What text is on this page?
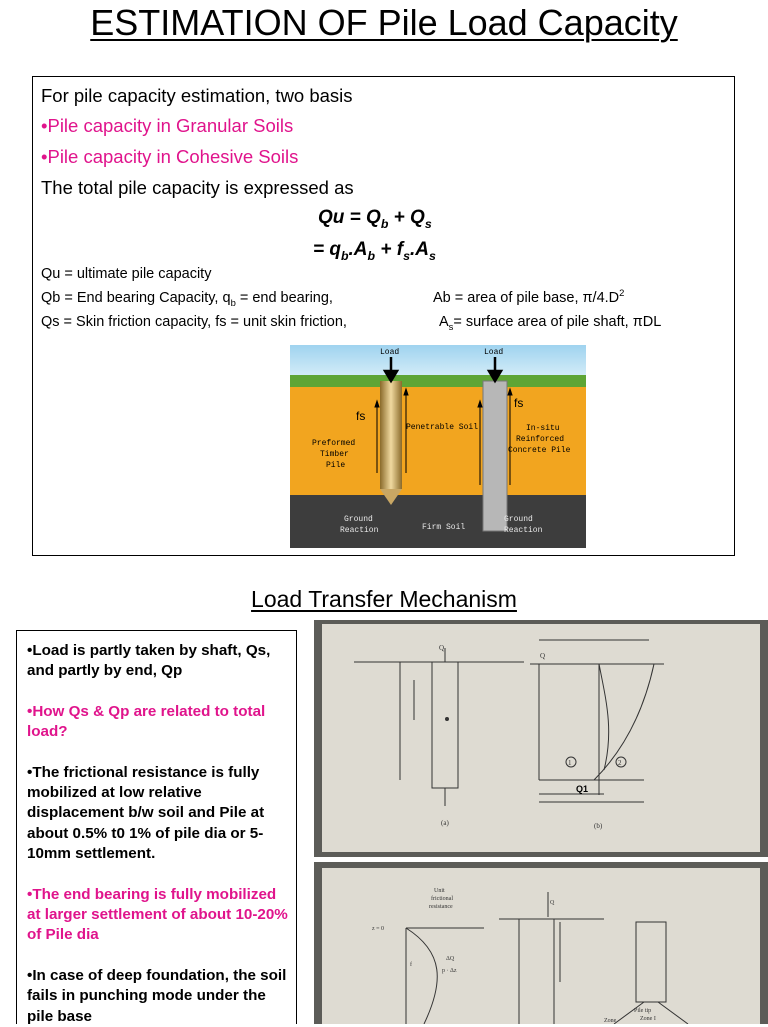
ESTIMATION OF Pile Load Capacity
For pile capacity estimation, two basis
•Pile capacity in Granular Soils
•Pile capacity in Cohesive Soils
The total pile capacity is expressed as
$Qu = Q_b + Q_s$
= $q_b.A_b + f_s.A_s$
Qu = ultimate pile capacity
Qb = End bearing Capacity, $q_b$ = end bearing,	Ab = area of pile base, $\pi/4.D^2$
Qs = Skin friction capacity, fs = unit skin friction,	$A_s=$ surface area of pile shaft, πDL
Load	Load
fs
fs
Penetrable Soil
Preformed
Timber
Pile
In-situ
Reinforced
Concrete Pile
Firm Soil
Ground
Reaction
Ground
Reaction
Load Transfer Mechanism

•Load is partly taken by shaft, Qs, and partly by end, Qp

•How Qs & Qp are related to total load?

•The frictional resistance is fully mobilized at low relative displacement b/w soil and Pile at about 0.5% t0 1% of pile dia or 5-10mm settlement.

•The end bearing is fully mobilized at larger settlement of about 10-20% of Pile dia

•In case of deep foundation, the soil fails in punching mode under the pile base

Q
Q
1	2
Q1
(a)	(b)
Unit
frictional
resistance
z = 0
f
ΔQ
p · Δz
Q
Pile tip
Zone I
Zone
